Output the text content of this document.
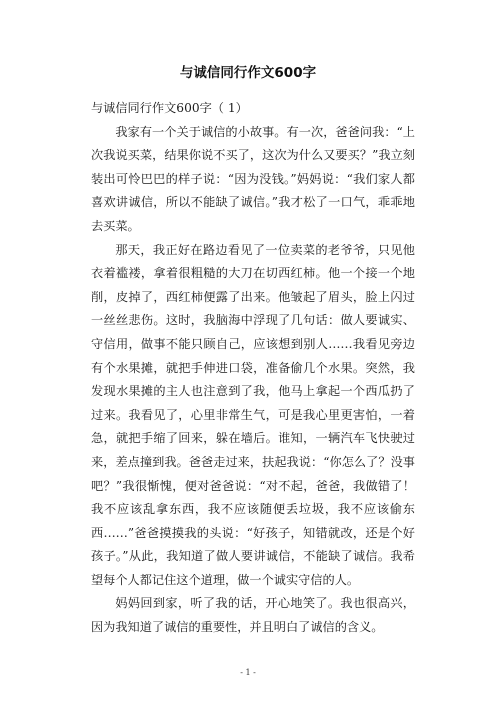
与诚信同行作文600字

与诚信同行作文600字（ 1）

我家有一个关于诚信的小故事。有一次，爸爸问我：“上次我说买菜，结果你说不买了，这次为什么又要买？”我立刻装出可怜巴巴的样子说：“因为没钱。”妈妈说：“我们家人都喜欢讲诚信，所以不能缺了诚信。”我才松了一口气，乖乖地去买菜。

那天，我正好在路边看见了一位卖菜的老爷爷，只见他衣着褴褛，拿着很粗糙的大刀在切西红柿。他一个接一个地削，皮掉了，西红柿便露了出来。他皱起了眉头，脸上闪过一丝丝悲伤。这时，我脑海中浮现了几句话：做人要诚实、守信用，做事不能只顾自己，应该想到别人……我看见旁边有个水果摊，就把手伸进口袋，准备偷几个水果。突然，我发现水果摊的主人也注意到了我，他马上拿起一个西瓜扔了过来。我看见了，心里非常生气，可是我心里更害怕，一着急，就把手缩了回来，躲在墙后。谁知，一辆汽车飞快驶过来，差点撞到我。爸爸走过来，扶起我说：“你怎么了？没事吧？”我很惭愧，便对爸爸说：“对不起，爸爸，我做错了！我不应该乱拿东西，我不应该随便丢垃圾，我不应该偷东西……”爸爸摸摸我的头说：“好孩子，知错就改，还是个好孩子。”从此，我知道了做人要讲诚信，不能缺了诚信。我希望每个人都记住这个道理，做一个诚实守信的人。

妈妈回到家，听了我的话，开心地笑了。我也很高兴，因为我知道了诚信的重要性，并且明白了诚信的含义。

- 1 -
